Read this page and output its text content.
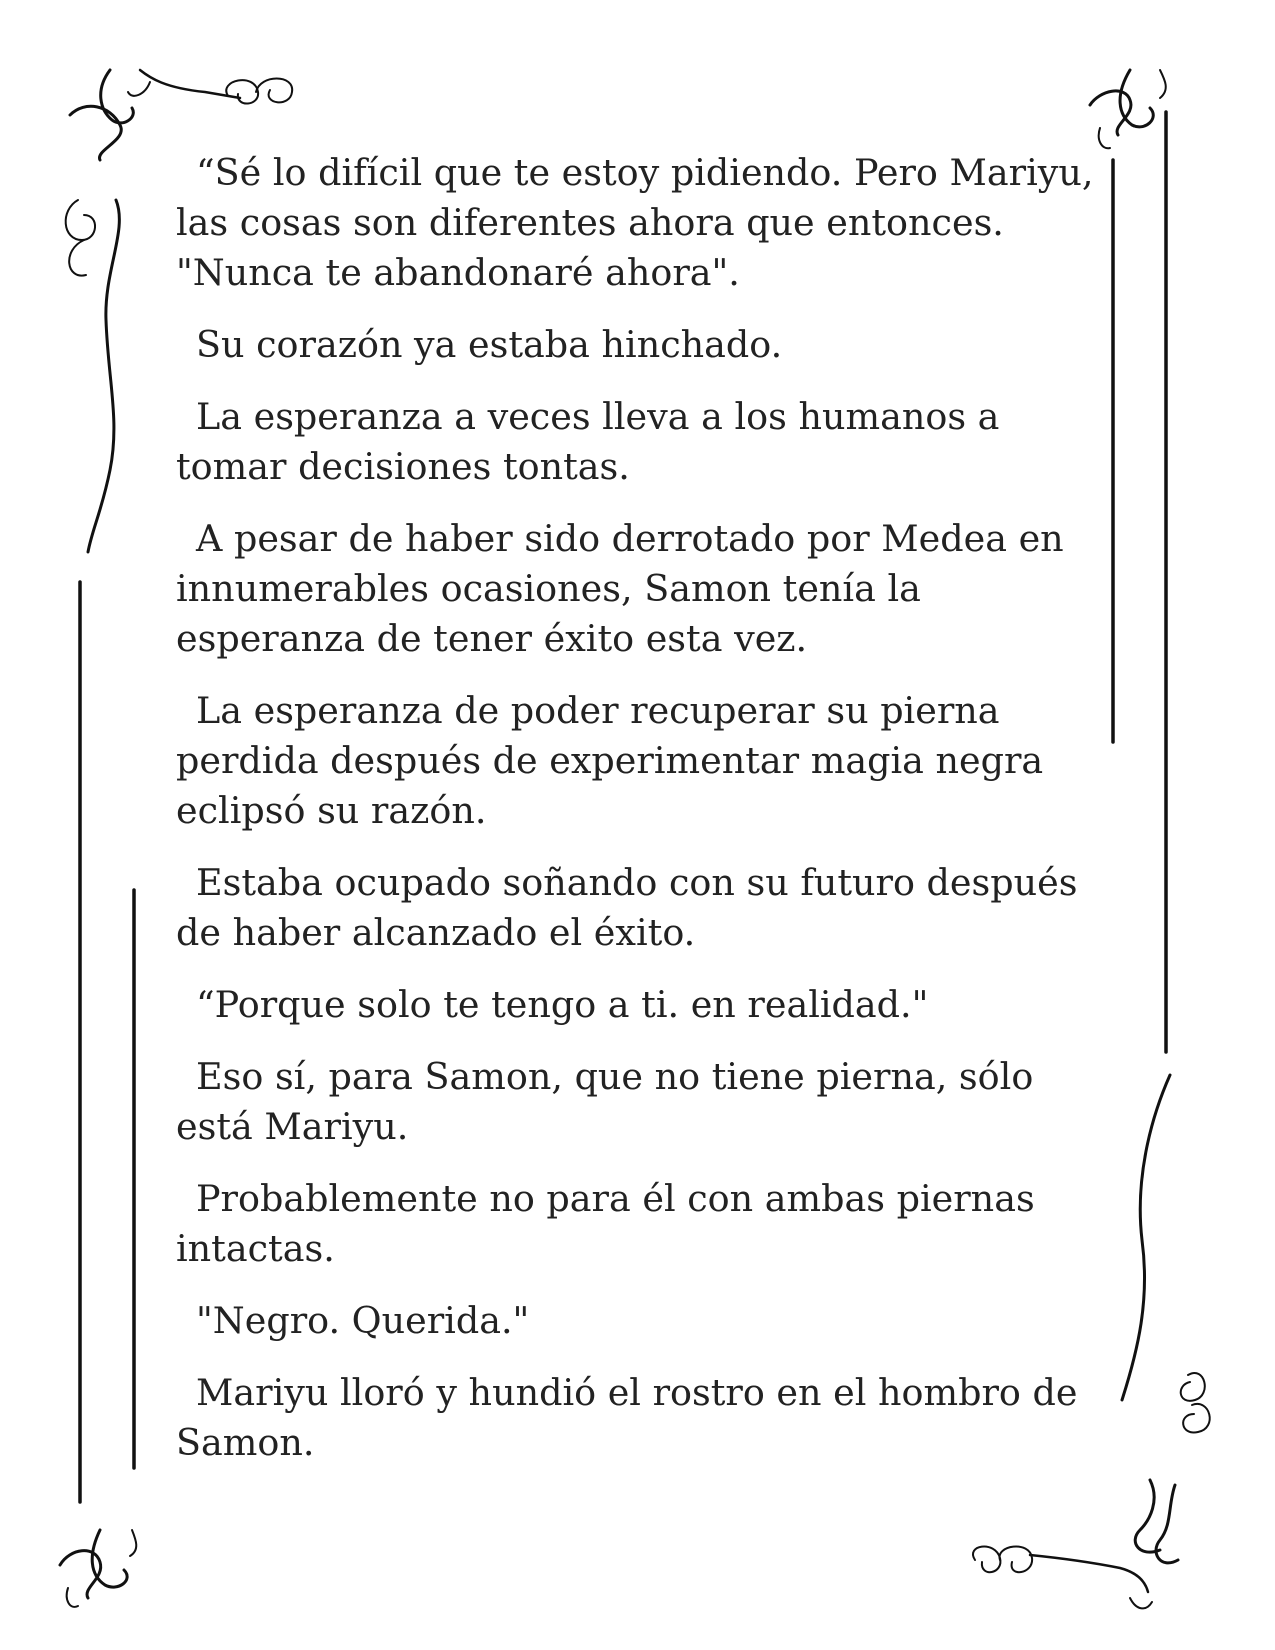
“Sé lo difícil que te estoy pidiendo. Pero Mariyu, las cosas son diferentes ahora que entonces. "Nunca te abandonaré ahora".

Su corazón ya estaba hinchado.

La esperanza a veces lleva a los humanos a tomar decisiones tontas.

A pesar de haber sido derrotado por Medea en innumerables ocasiones, Samon tenía la esperanza de tener éxito esta vez.

La esperanza de poder recuperar su pierna perdida después de experimentar magia negra eclipsó su razón.

Estaba ocupado soñando con su futuro después de haber alcanzado el éxito.

“Porque solo te tengo a ti. en realidad."

Eso sí, para Samon, que no tiene pierna, sólo está Mariyu.

Probablemente no para él con ambas piernas intactas.

"Negro. Querida."

Mariyu lloró y hundió el rostro en el hombro de Samon.
